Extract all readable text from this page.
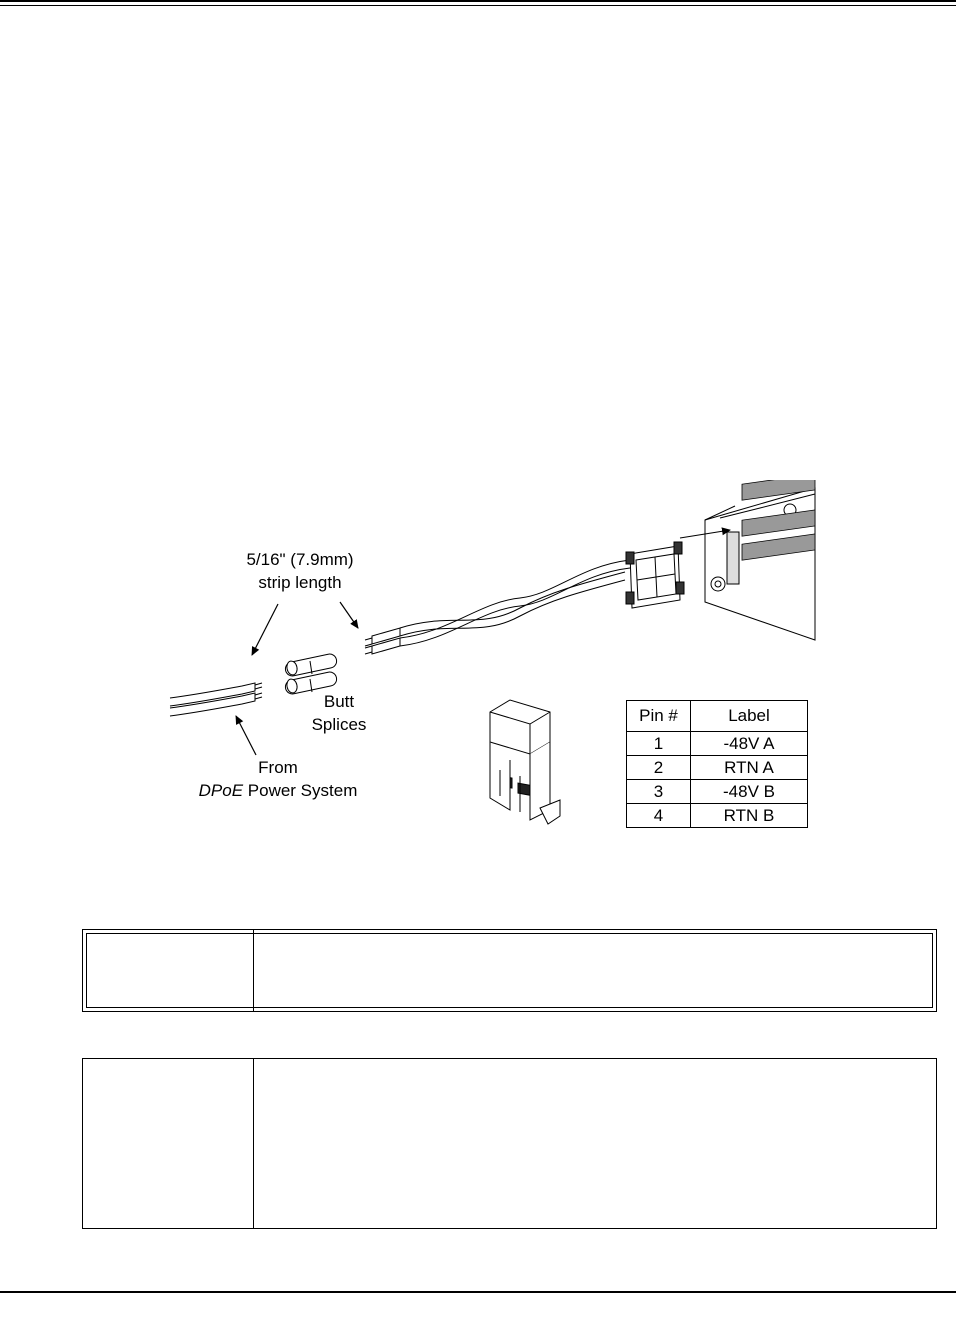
5/16" (7.9mm)
strip length
Butt
Splices
From
DPoE Power System
Pin #	Label
1	-48V A
2	RTN A
3	-48V B
4	RTN B
